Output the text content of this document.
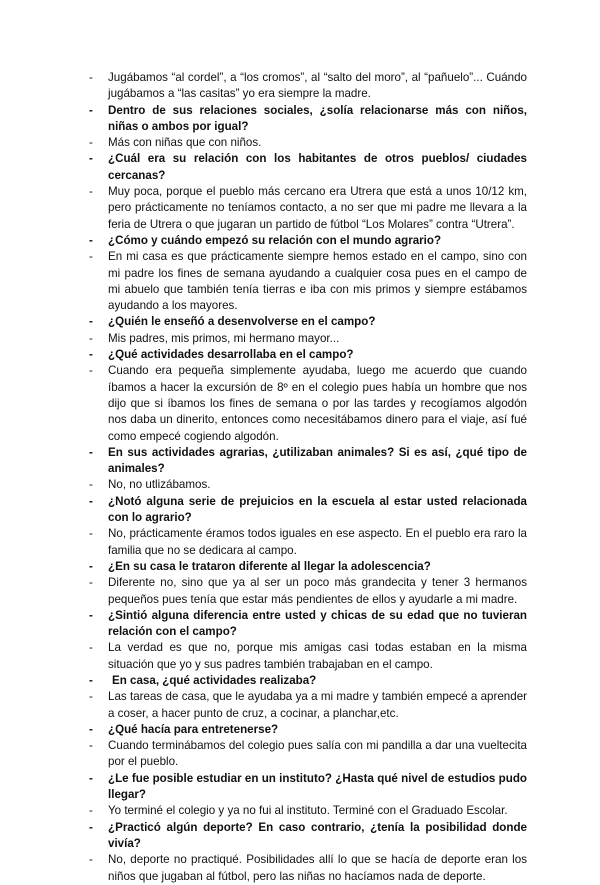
- Jugábamos “al cordel”, a “los cromos”, al “salto del moro”, al “pañuelo”... Cuándo jugábamos a “las casitas” yo era siempre la madre.
- Dentro de sus relaciones sociales, ¿solía relacionarse más con niños, niñas o ambos por igual?
- Más con niñas que con niños.
- ¿Cuál era su relación con los habitantes de otros pueblos/ ciudades cercanas?
- Muy poca, porque el pueblo más cercano era Utrera que está a unos 10/12 km, pero prácticamente no teníamos contacto, a no ser que mi padre me llevara a la feria de Utrera o que jugaran un partido de fútbol “Los Molares” contra “Utrera”.
- ¿Cómo y cuándo empezó su relación con el mundo agrario?
- En mi casa es que prácticamente siempre hemos estado en el campo, sino con mi padre los fines de semana ayudando a cualquier cosa pues en el campo de mi abuelo que también tenía tierras e iba con mis primos y siempre estábamos ayudando a los mayores.
- ¿Quién le enseñó a desenvolverse en el campo?
- Mis padres, mis primos, mi hermano mayor...
- ¿Qué actividades desarrollaba en el campo?
- Cuando era pequeña simplemente ayudaba, luego me acuerdo que cuando íbamos a hacer la excursión de 8º en el colegio pues había un hombre que nos dijo que si íbamos los fines de semana o por las tardes y recogíamos algodón nos daba un dinerito, entonces como necesitábamos dinero para el viaje, así fué como empecé cogiendo algodón.
- En sus actividades agrarias, ¿utilizaban animales? Si es así, ¿qué tipo de animales?
- No, no utlizábamos.
- ¿Notó alguna serie de prejuicios en la escuela al estar usted relacionada con lo agrario?
- No, prácticamente éramos todos iguales en ese aspecto. En el pueblo era raro la familia que no se dedicara al campo.
- ¿En su casa le trataron diferente al llegar la adolescencia?
- Diferente no, sino que ya al ser un poco más grandecita y tener 3 hermanos pequeños pues tenía que estar más pendientes de ellos y ayudarle a mi madre.
- ¿Sintió alguna diferencia entre usted y chicas de su edad que no tuvieran relación con el campo?
- La verdad es que no, porque mis amigas casi todas estaban en la misma situación que yo y sus padres también trabajaban en el campo.
- En casa, ¿qué actividades realizaba?
- Las tareas de casa, que le ayudaba ya a mi madre y también empecé a aprender a coser, a hacer punto de cruz, a cocinar, a planchar,etc.
- ¿Qué hacía para entretenerse?
- Cuando terminábamos del colegio pues salía con mi pandilla a dar una vueltecita por el pueblo.
- ¿Le fue posible estudiar en un instituto? ¿Hasta qué nivel de estudios pudo llegar?
- Yo terminé el colegio y ya no fui al instituto. Terminé con el Graduado Escolar.
- ¿Practicó algún deporte? En caso contrario, ¿tenía la posibilidad donde vivía?
- No, deporte no practiqué. Posibilidades allí lo que se hacía de deporte eran los niños que jugaban al fútbol, pero las niñas no hacíamos nada de deporte.
